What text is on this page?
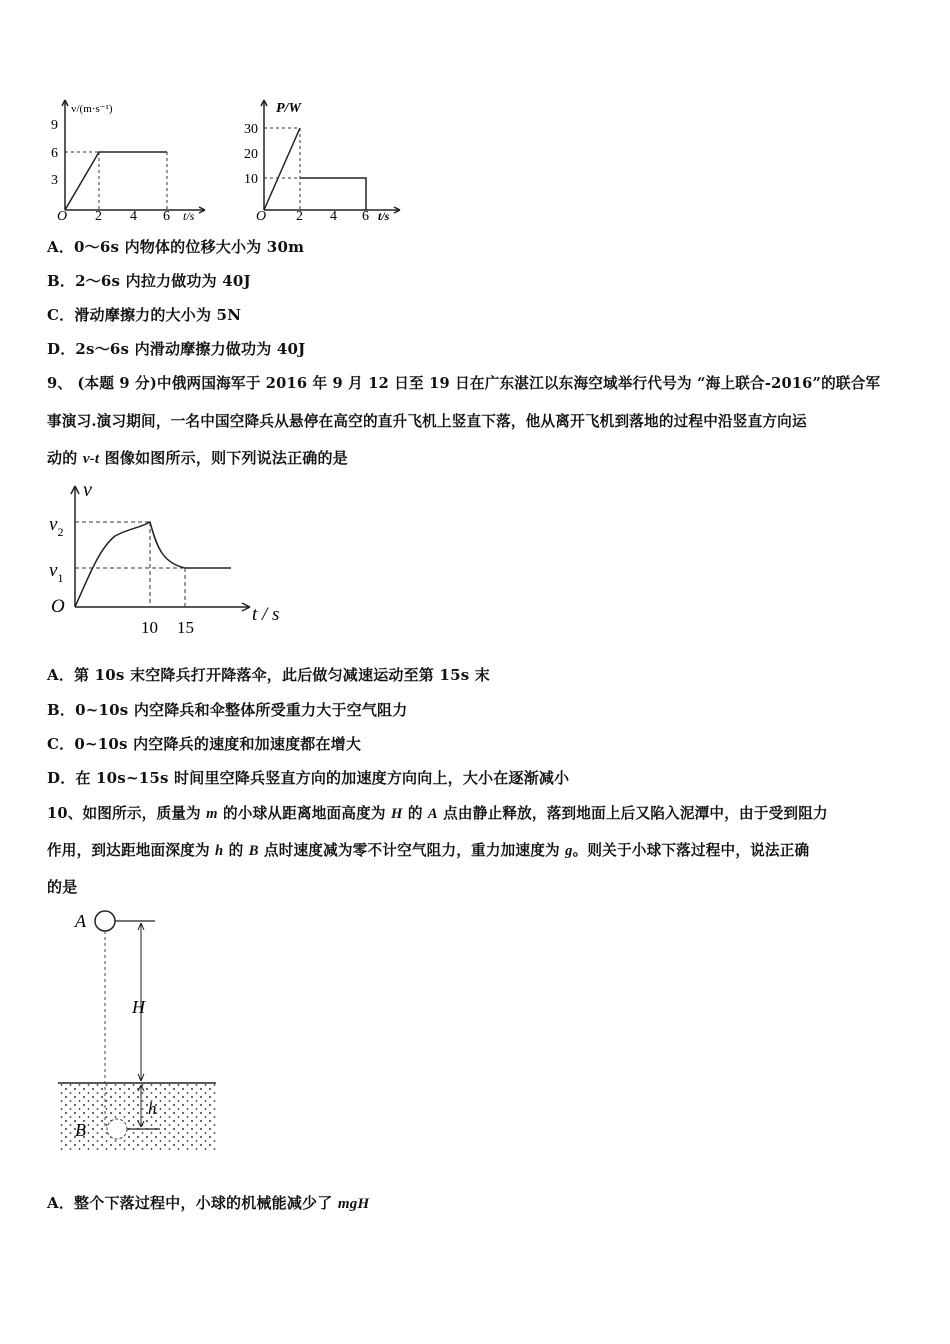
v/(m·s⁻¹)
9
6
3
O 2 4 6 t/s
P/W
30
20
10
O 2 4 6 t/s
A．0～6s 内物体的位移大小为 30m
B．2～6s 内拉力做功为 40J
C．滑动摩擦力的大小为 5N
D．2s～6s 内滑动摩擦力做功为 40J
9、 (本题 9 分)中俄两国海军于 2016 年 9 月 12 日至 19 日在广东湛江以东海空域举行代号为 “海上联合-2016”的联合军
事演习.演习期间，一名中国空降兵从悬停在高空的直升飞机上竖直下落，他从离开飞机到落地的过程中沿竖直方向运
动的 v-t 图像如图所示，则下列说法正确的是
v
$v_2$
$v_1$
O
10 15
t / s
A．第 10s 末空降兵打开降落伞，此后做匀减速运动至第 15s 末
B．0~10s 内空降兵和伞整体所受重力大于空气阻力
C．0~10s 内空降兵的速度和加速度都在增大
D．在 10s~15s 时间里空降兵竖直方向的加速度方向向上，大小在逐渐减小
10、如图所示，质量为 m 的小球从距离地面高度为 H 的 A 点由静止释放，落到地面上后又陷入泥潭中，由于受到阻力
作用，到达距地面深度为 h 的 B 点时速度减为零不计空气阻力，重力加速度为 g。则关于小球下落过程中，说法正确
的是
A
B
H
h
A．整个下落过程中，小球的机械能减少了 mgH
